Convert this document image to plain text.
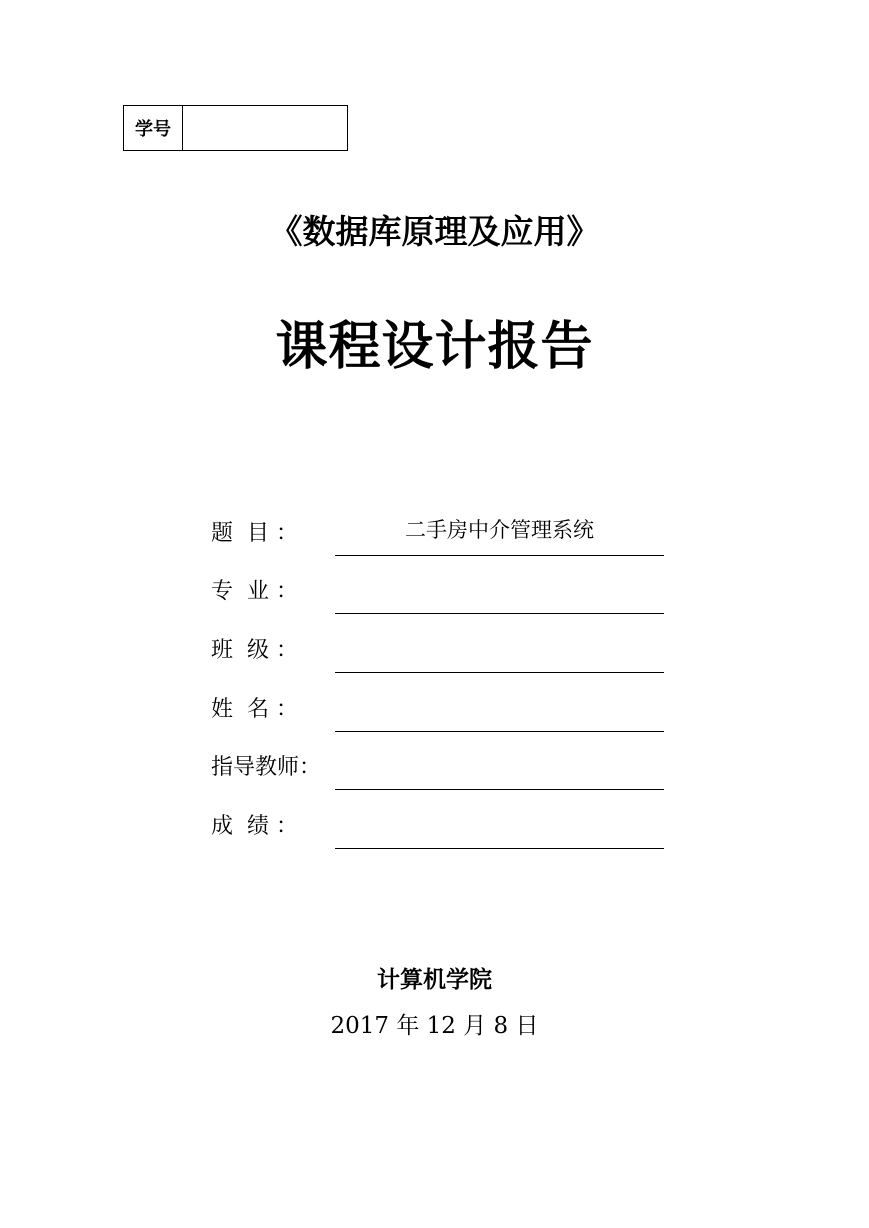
学号
《数据库原理及应用》
课程设计报告
题  目 ：	二手房中介管理系统
专  业 ：
班  级 ：
姓  名 ：
指导教师：
成  绩 ：
计算机学院
2017 年 12 月 8 日
